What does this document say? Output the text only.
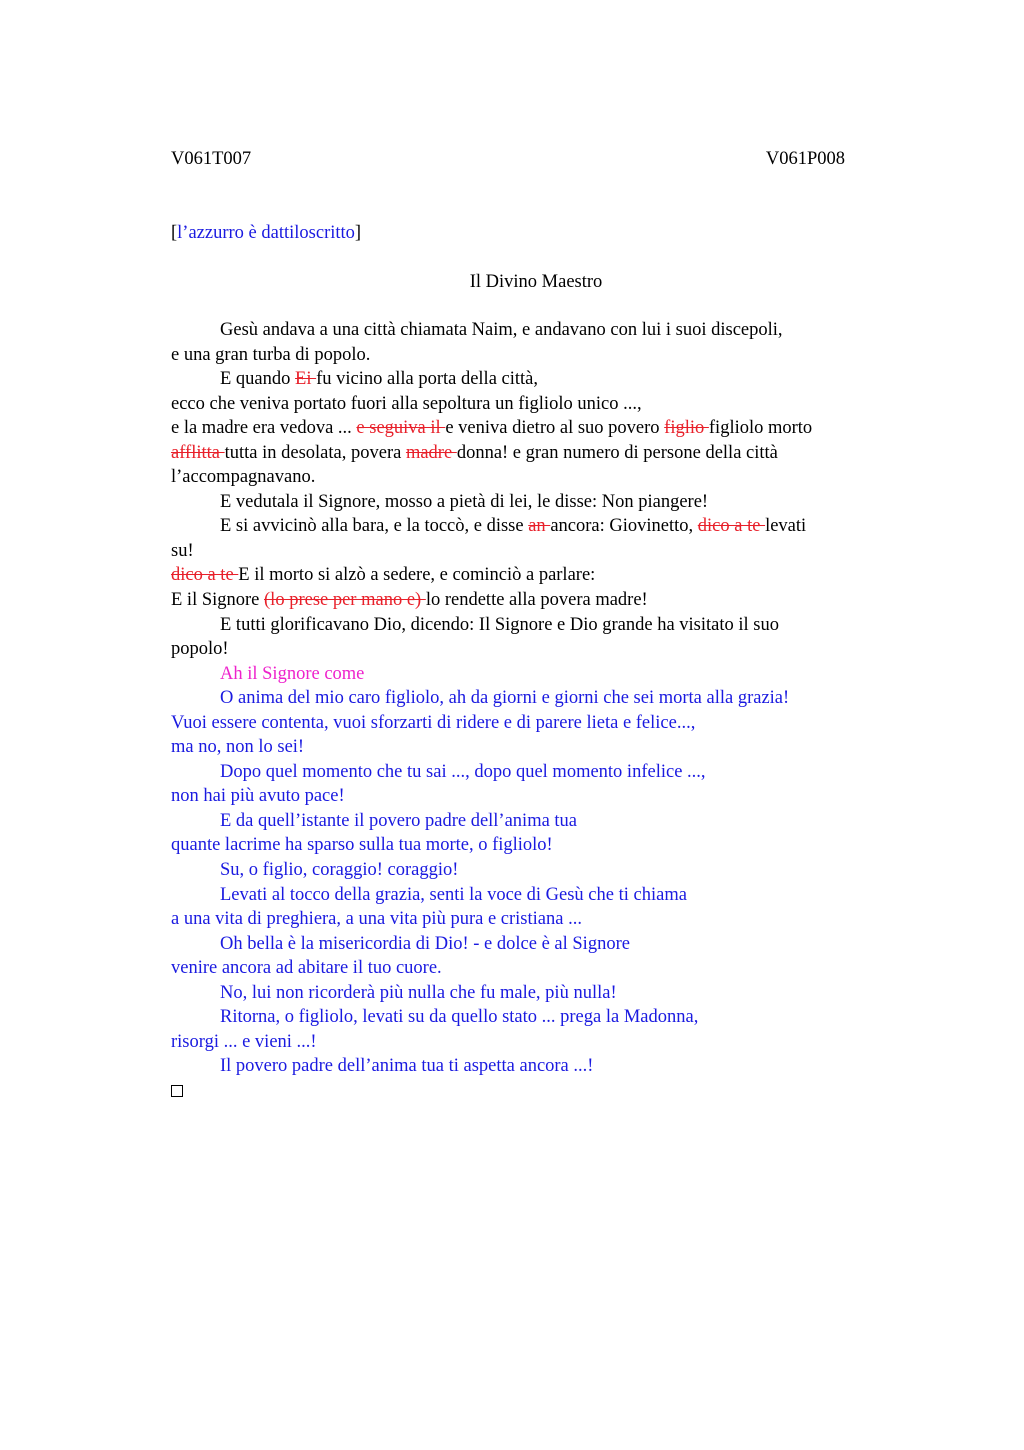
V061T007	V061P008
[l’azzurro è dattiloscritto]
Il Divino Maestro
Gesù andava a una città chiamata Naim, e andavano con lui i suoi discepoli,
e una gran turba di popolo.
E quando Ei fu vicino alla porta della città,
ecco che veniva portato fuori alla sepoltura un figliolo unico ...,
e la madre era vedova ... e seguiva il e veniva dietro al suo povero figlio figliolo morto
afflitta tutta in desolata, povera madre donna! e gran numero di persone della città
l’accompagnavano.
E vedutala il Signore, mosso a pietà di lei, le disse: Non piangere!
E si avvicinò alla bara, e la toccò, e disse an ancora: Giovinetto, dico a te levati
su!
dico a te E il morto si alzò a sedere, e cominciò a parlare:
E il Signore (lo prese per mano e) lo rendette alla povera madre!
E tutti glorificavano Dio, dicendo: Il Signore e Dio grande ha visitato il suo
popolo!
Ah il Signore come
O anima del mio caro figliolo, ah da giorni e giorni che sei morta alla grazia!
Vuoi essere contenta, vuoi sforzarti di ridere e di parere lieta e felice...,
ma no, non lo sei!
Dopo quel momento che tu sai ..., dopo quel momento infelice ...,
non hai più avuto pace!
E da quell’istante il povero padre dell’anima tua
quante lacrime ha sparso sulla tua morte, o figliolo!
Su, o figlio, coraggio! coraggio!
Levati al tocco della grazia, senti la voce di Gesù che ti chiama
a una vita di preghiera, a una vita più pura e cristiana ...
Oh bella è la misericordia di Dio! - e dolce è al Signore
venire ancora ad abitare il tuo cuore.
No, lui non ricorderà più nulla che fu male, più nulla!
Ritorna, o figliolo, levati su da quello stato ... prega la Madonna,
risorgi ... e vieni ...!
Il povero padre dell’anima tua ti aspetta ancora ...!
